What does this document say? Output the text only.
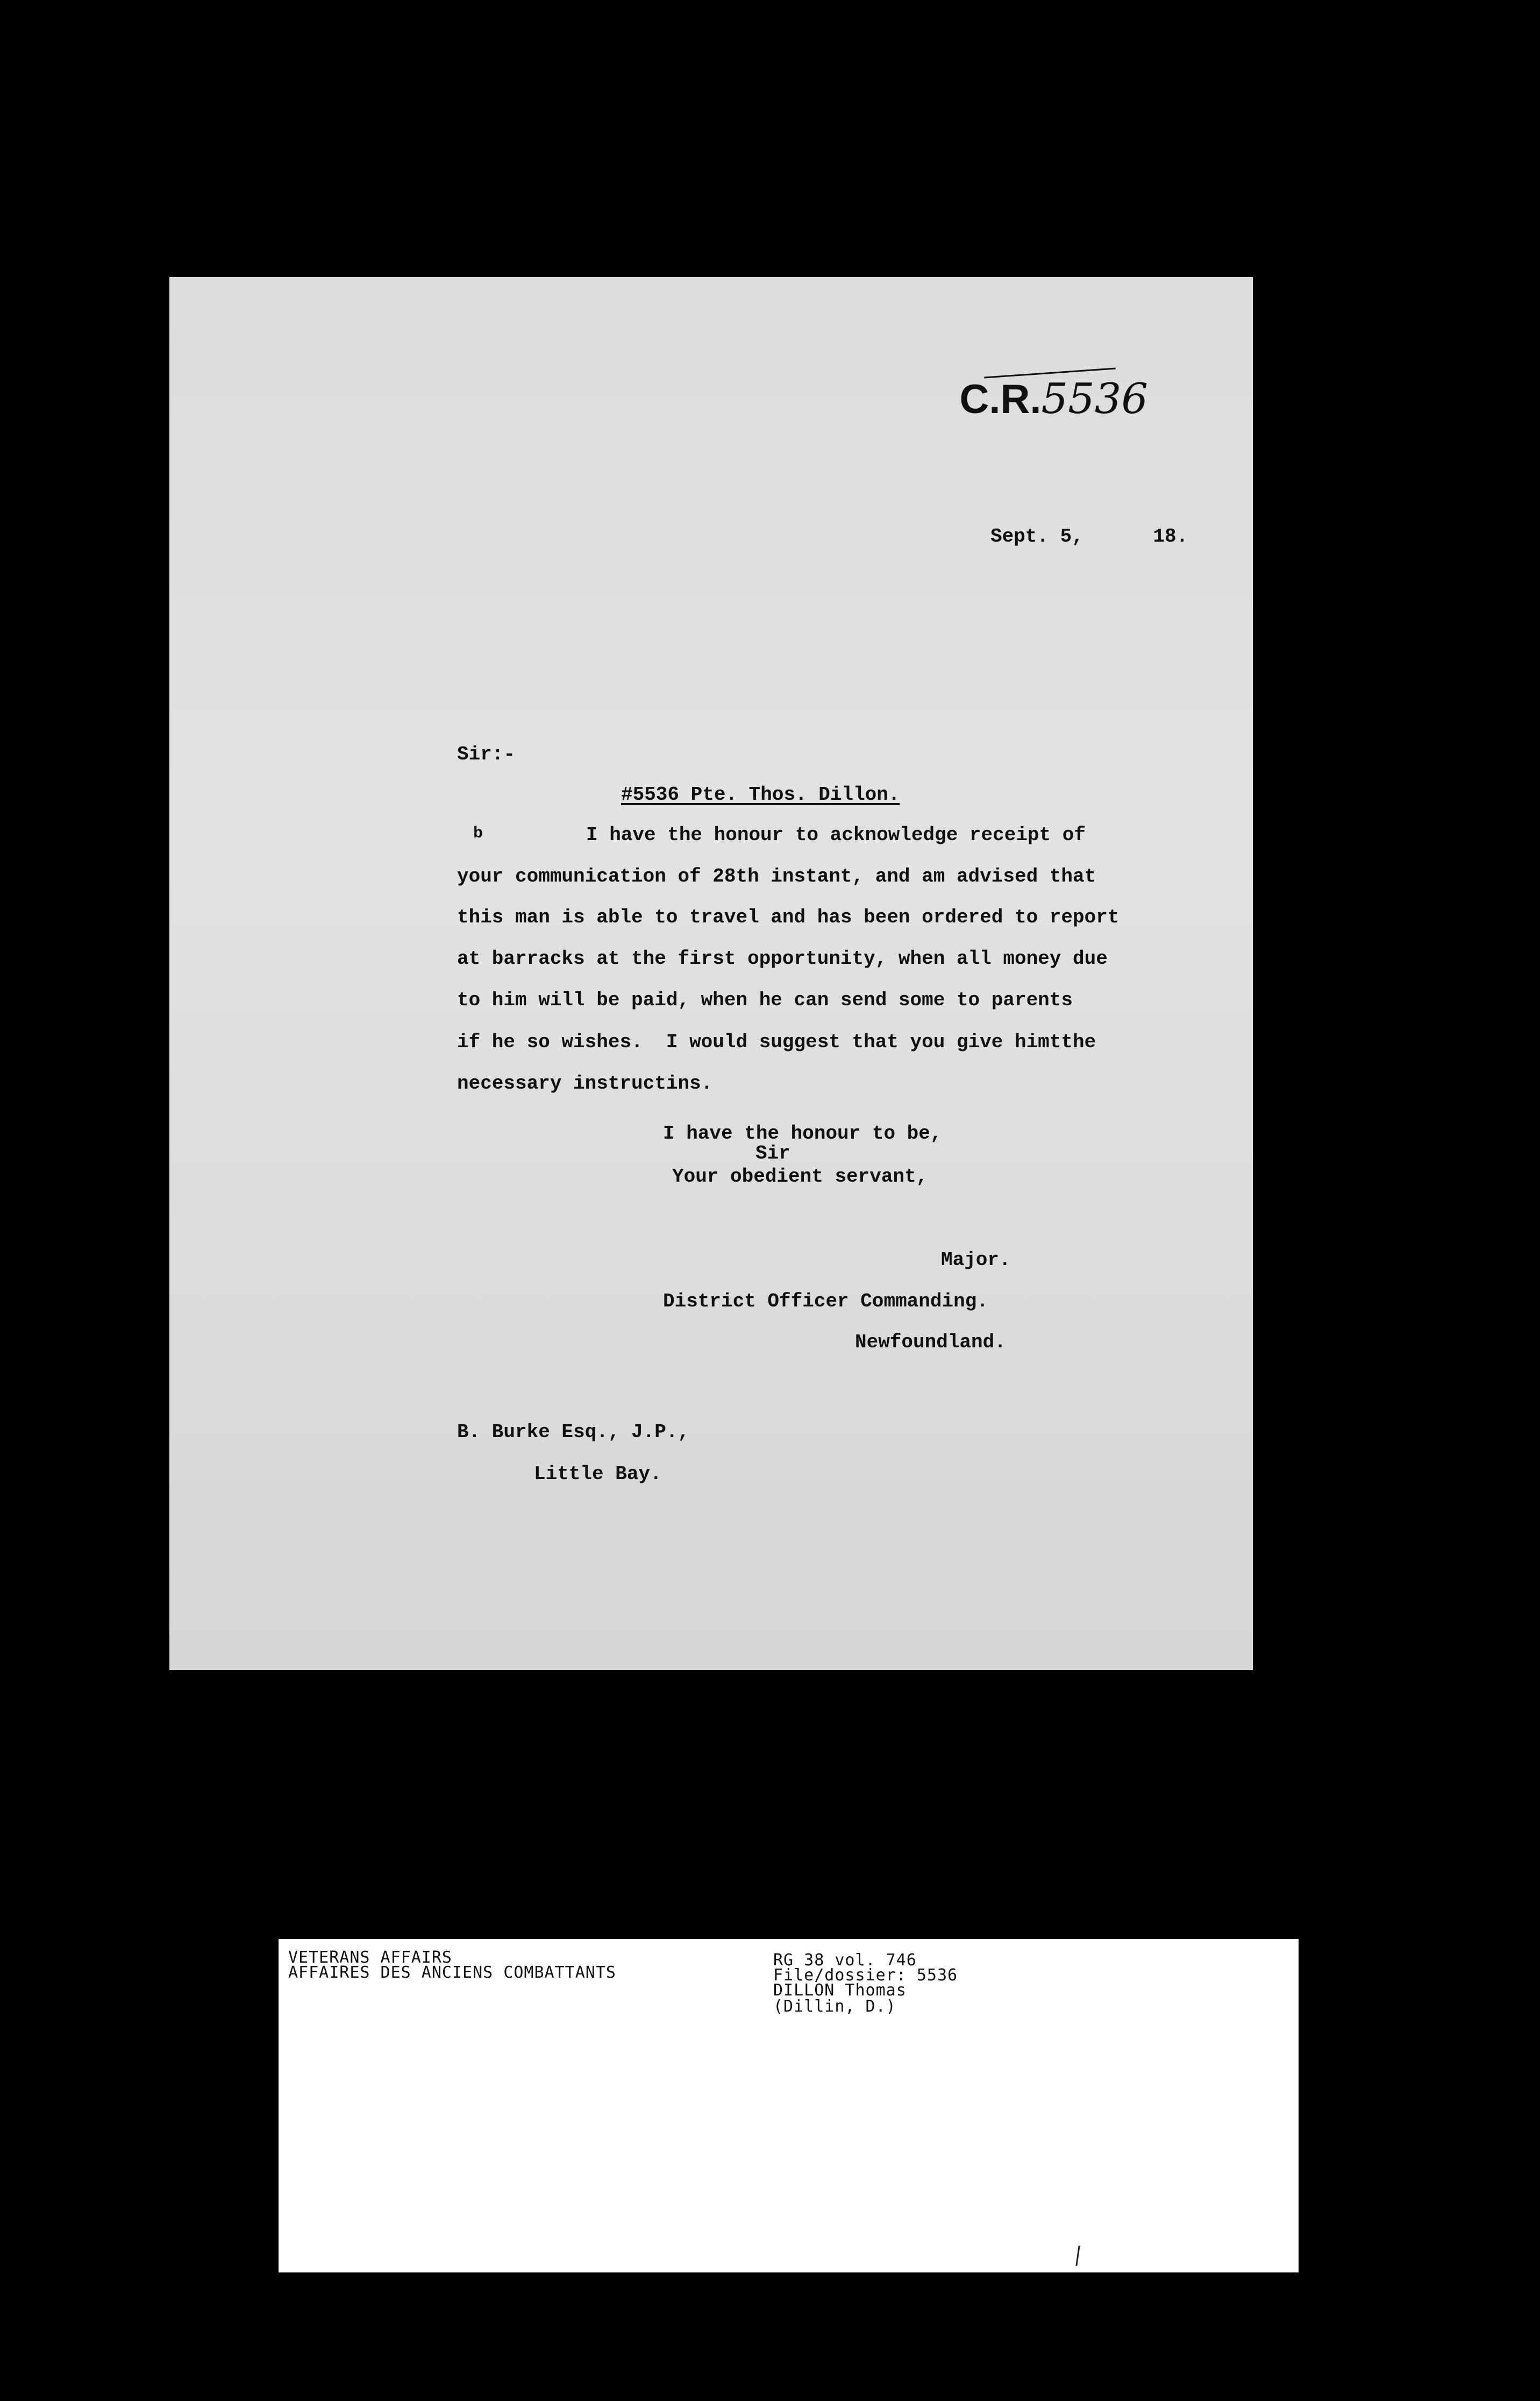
C.R.5536

Sept. 5,      18.
Sir:-
#5536 Pte. Thos. Dillon.
b	I have the honour to acknowledge receipt of
your communication of 28th instant, and am advised that
this man is able to travel and has been ordered to report
at barracks at the first opportunity, when all money due
to him will be paid, when he can send some to parents
if he so wishes.  I would suggest that you give himtthe
necessary instructins.
I have the honour to be,
Sir
Your obedient servant,
Major.
District Officer Commanding.
Newfoundland.
B. Burke Esq., J.P.,
Little Bay.
VETERANS AFFAIRS
AFFAIRES DES ANCIENS COMBATTANTS
RG 38 vol. 746
File/dossier: 5536
DILLON Thomas
(Dillin, D.)
